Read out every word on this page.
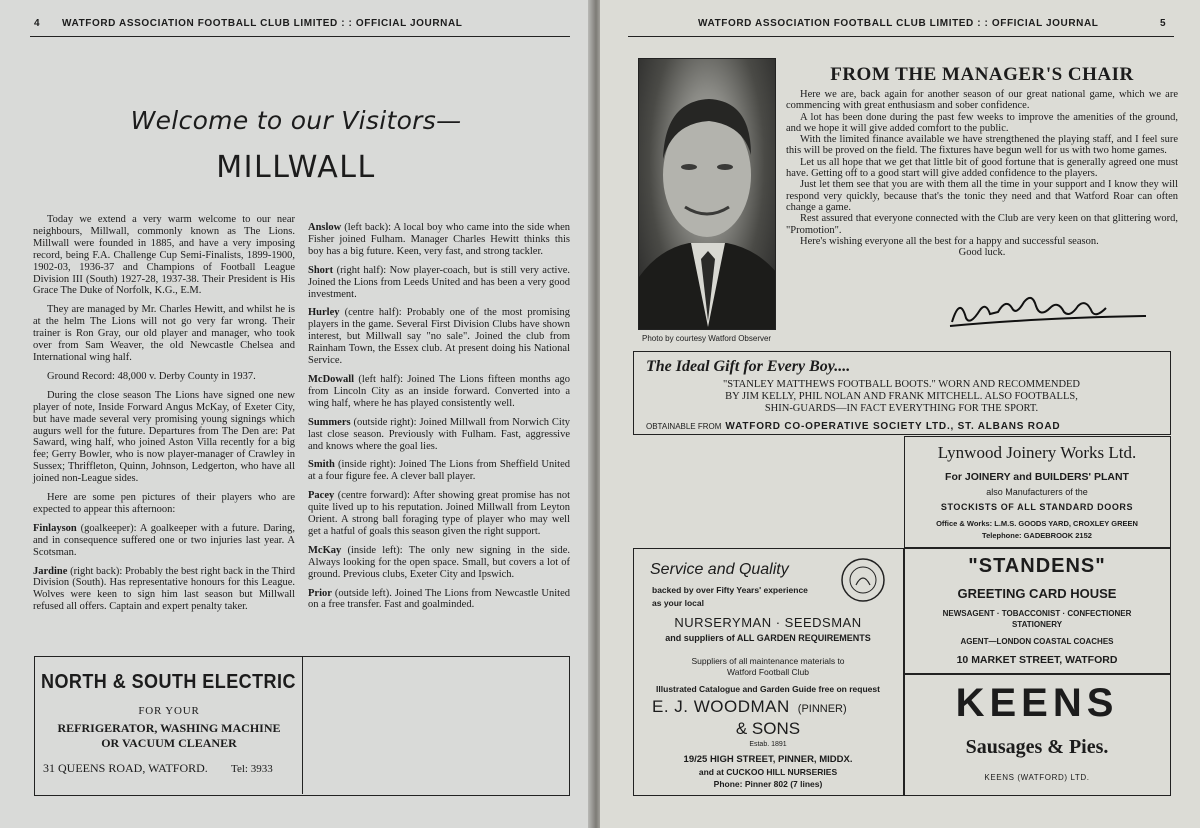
4 WATFORD ASSOCIATION FOOTBALL CLUB LIMITED : : OFFICIAL JOURNAL
Welcome to our Visitors—
MILLWALL

Today we extend a very warm welcome to our near neighbours, Millwall, commonly known as The Lions. Millwall were founded in 1885, and have a very imposing record, being F.A. Challenge Cup Semi-Finalists, 1899-1900, 1902-03, 1936-37 and Champions of Football League Division III (South) 1927-28, 1937-38. Their President is His Grace The Duke of Norfolk, K.G., E.M.

They are managed by Mr. Charles Hewitt, and whilst he is at the helm The Lions will not go very far wrong. Their trainer is Ron Gray, our old player and manager, who took over from Sam Weaver, the old Newcastle Chelsea and International wing half.

Ground Record: 48,000 v. Derby County in 1937.

During the close season The Lions have signed one new player of note, Inside Forward Angus McKay, of Exeter City, but have made several very promising young signings which augurs well for the future. Departures from The Den are: Pat Saward, wing half, who joined Aston Villa recently for a big fee; Gerry Bowler, who is now player-manager of Crawley in Sussex; Thriffleton, Quinn, Johnson, Ledgerton, who have all joined non-League sides.

Here are some pen pictures of their players who are expected to appear this afternoon:

Finlayson (goalkeeper): A goalkeeper with a future. Daring, and in consequence suffered one or two injuries last year. A Scotsman.

Jardine (right back): Probably the best right back in the Third Division (South). Has representative honours for this League. Wolves were keen to sign him last season but Millwall refused all offers. Captain and expert penalty taker.

Anslow (left back): A local boy who came into the side when Fisher joined Fulham. Manager Charles Hewitt thinks this boy has a big future. Keen, very fast, and strong tackler.

Short (right half): Now player-coach, but is still very active. Joined the Lions from Leeds United and has been a very good investment.

Hurley (centre half): Probably one of the most promising players in the game. Several First Division Clubs have shown interest, but Millwall say "no sale". Joined the club from Rainham Town, the Essex club. At present doing his National Service.

McDowall (left half): Joined The Lions fifteen months ago from Lincoln City as an inside forward. Converted into a wing half, where he has played consistently well.

Summers (outside right): Joined Millwall from Norwich City last close season. Previously with Fulham. Fast, aggressive and knows where the goal lies.

Smith (inside right): Joined The Lions from Sheffield United at a four figure fee. A clever ball player.

Pacey (centre forward): After showing great promise has not quite lived up to his reputation. Joined Millwall from Leyton Orient. A strong ball foraging type of player who may well get a hatful of goals this season given the right support.

McKay (inside left): The only new signing in the side. Always looking for the open space. Small, but covers a lot of ground. Previous clubs, Exeter City and Ipswich.

Prior (outside left). Joined The Lions from Newcastle United on a free transfer. Fast and goalminded.

NORTH & SOUTH ELECTRIC
FOR YOUR
REFRIGERATOR, WASHING MACHINE
OR VACUUM CLEANER
31 QUEENS ROAD, WATFORD. Tel: 3933
WATFORD ASSOCIATION FOOTBALL CLUB LIMITED : : OFFICIAL JOURNAL	5
Photo by courtesy Watford Observer
FROM THE MANAGER'S CHAIR

Here we are, back again for another season of our great national game, which we are commencing with great enthusiasm and sober confidence.

A lot has been done during the past few weeks to improve the amenities of the ground, and we hope it will give added comfort to the public.

With the limited finance available we have strengthened the playing staff, and I feel sure this will be proved on the field. The fixtures have begun well for us with two home games.

Let us all hope that we get that little bit of good fortune that is generally agreed one must have. Getting off to a good start will give added confidence to the players.

Just let them see that you are with them all the time in your support and I know they will respond very quickly, because that's the tonic they need and that Watford Roar can often change a game.

Rest assured that everyone connected with the Club are very keen on that glittering word, "Promotion".

Here's wishing everyone all the best for a happy and successful season.

Good luck.

The Ideal Gift for Every Boy....
"STANLEY MATTHEWS FOOTBALL BOOTS." WORN AND RECOMMENDED
BY JIM KELLY, PHIL NOLAN AND FRANK MITCHELL. ALSO FOOTBALLS,
SHIN-GUARDS—IN FACT EVERYTHING FOR THE SPORT.
OBTAINABLE FROM WATFORD CO-OPERATIVE SOCIETY LTD., ST. ALBANS ROAD
Lynwood Joinery Works Ltd.
For JOINERY and BUILDERS' PLANT
also Manufacturers of the
STOCKISTS OF ALL STANDARD DOORS
Office & Works: L.M.S. GOODS YARD, CROXLEY GREEN
Telephone: GADEBROOK 2152
Service and Quality
backed by over Fifty Years' experience
as your local
NURSERYMAN · SEEDSMAN
and suppliers of ALL GARDEN REQUIREMENTS
Suppliers of all maintenance materials to
Watford Football Club
Illustrated Catalogue and Garden Guide free on request
E. J. WOODMAN (PINNER)
& SONS
Estab. 1891
19/25 HIGH STREET, PINNER, MIDDX.
and at CUCKOO HILL NURSERIES
Phone: Pinner 802 (7 lines)
"STANDENS"
GREETING CARD HOUSE
NEWSAGENT · TOBACCONIST · CONFECTIONER
STATIONERY
AGENT—LONDON COASTAL COACHES
10 MARKET STREET, WATFORD
KEENS
Sausages & Pies.
KEENS (WATFORD) LTD.
